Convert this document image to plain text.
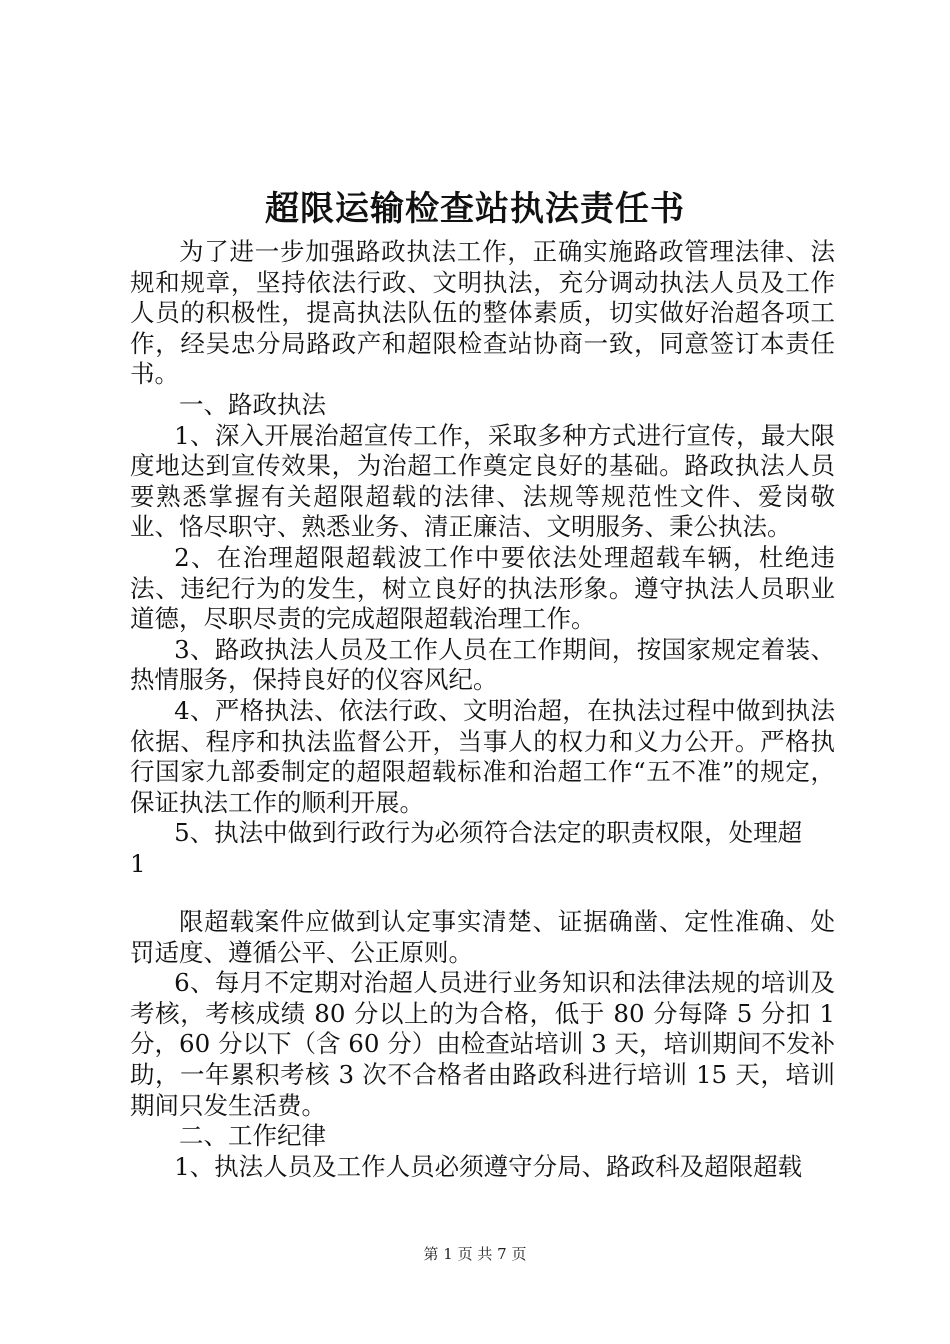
超限运输检查站执法责任书

为了进一步加强路政执法工作，正确实施路政管理法律、法规和规章，坚持依法行政、文明执法，充分调动执法人员及工作人员的积极性，提高执法队伍的整体素质，切实做好治超各项工作，经吴忠分局路政产和超限检查站协商一致，同意签订本责任书。

一、路政执法

1、深入开展治超宣传工作，采取多种方式进行宣传，最大限度地达到宣传效果，为治超工作奠定良好的基础。路政执法人员要熟悉掌握有关超限超载的法律、法规等规范性文件、爱岗敬业、恪尽职守、熟悉业务、清正廉洁、文明服务、秉公执法。

2、在治理超限超载波工作中要依法处理超载车辆，杜绝违法、违纪行为的发生，树立良好的执法形象。遵守执法人员职业道德，尽职尽责的完成超限超载治理工作。

3、路政执法人员及工作人员在工作期间，按国家规定着装、热情服务，保持良好的仪容风纪。

4、严格执法、依法行政、文明治超，在执法过程中做到执法依据、程序和执法监督公开，当事人的权力和义力公开。严格执行国家九部委制定的超限超载标准和治超工作“五不准”的规定，保证执法工作的顺利开展。

5、执法中做到行政行为必须符合法定的职责权限，处理超

1

限超载案件应做到认定事实清楚、证据确凿、定性准确、处罚适度、遵循公平、公正原则。

6、每月不定期对治超人员进行业务知识和法律法规的培训及考核，考核成绩 80 分以上的为合格，低于 80 分每降 5 分扣 1 分，60 分以下（含 60 分）由检查站培训 3 天，培训期间不发补助，一年累积考核 3 次不合格者由路政科进行培训 15 天，培训期间只发生活费。

二、工作纪律

1、执法人员及工作人员必须遵守分局、路政科及超限超载

第 1 页 共 7 页
